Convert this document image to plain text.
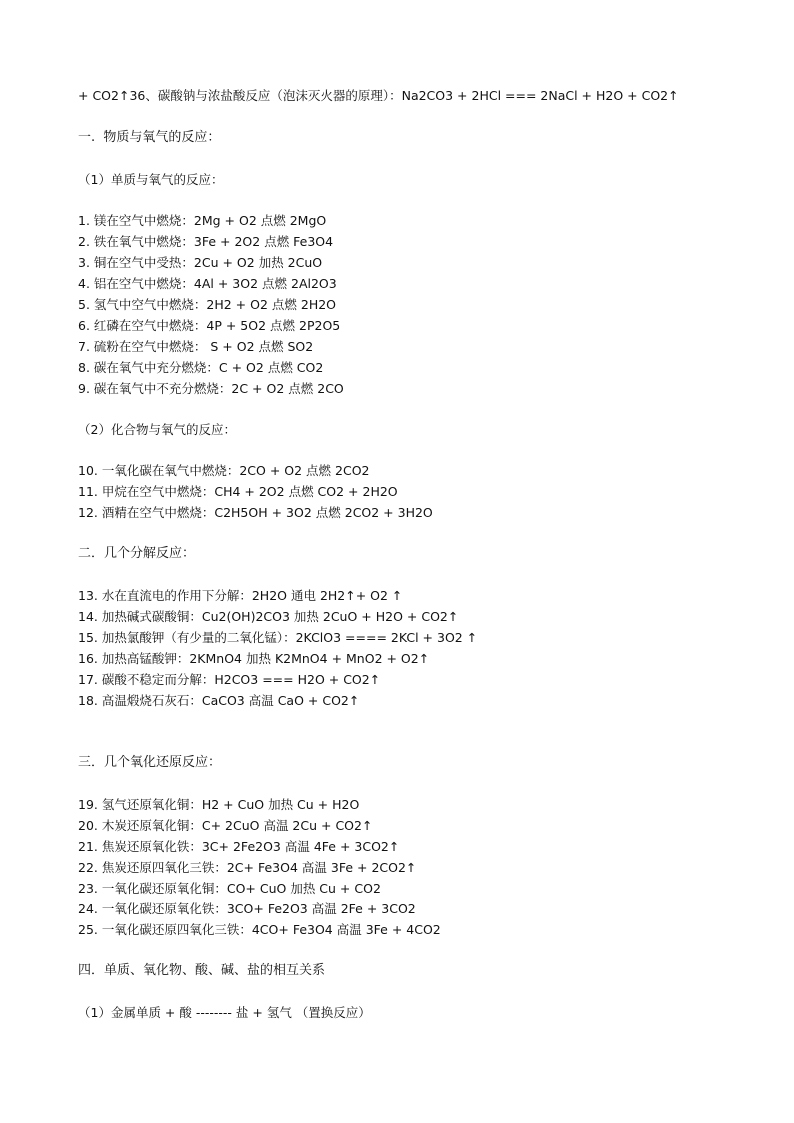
+ CO2↑36、碳酸钠与浓盐酸反应（泡沫灭火器的原理）：Na2CO3 + 2HCl === 2NaCl + H2O + CO2↑
一.  物质与氧气的反应：
（1）单质与氧气的反应：
1. 镁在空气中燃烧：2Mg + O2 点燃 2MgO
2. 铁在氧气中燃烧：3Fe + 2O2 点燃 Fe3O4
3. 铜在空气中受热：2Cu + O2 加热 2CuO
4. 铝在空气中燃烧：4Al + 3O2 点燃 2Al2O3
5. 氢气中空气中燃烧：2H2 + O2 点燃 2H2O
6. 红磷在空气中燃烧：4P + 5O2 点燃 2P2O5
7. 硫粉在空气中燃烧： S + O2 点燃 SO2
8. 碳在氧气中充分燃烧：C + O2 点燃 CO2
9. 碳在氧气中不充分燃烧：2C + O2 点燃 2CO
（2）化合物与氧气的反应：
10. 一氧化碳在氧气中燃烧：2CO + O2 点燃 2CO2
11. 甲烷在空气中燃烧：CH4 + 2O2 点燃 CO2 + 2H2O
12. 酒精在空气中燃烧：C2H5OH + 3O2 点燃 2CO2 + 3H2O
二．几个分解反应：
13. 水在直流电的作用下分解：2H2O 通电 2H2↑+ O2 ↑
14. 加热碱式碳酸铜：Cu2(OH)2CO3 加热 2CuO + H2O + CO2↑
15. 加热氯酸钾（有少量的二氧化锰）：2KClO3 ==== 2KCl + 3O2 ↑
16. 加热高锰酸钾：2KMnO4 加热 K2MnO4 + MnO2 + O2↑
17. 碳酸不稳定而分解：H2CO3 === H2O + CO2↑
18. 高温煅烧石灰石：CaCO3 高温 CaO + CO2↑
三．几个氧化还原反应：
19. 氢气还原氧化铜：H2 + CuO 加热 Cu + H2O
20. 木炭还原氧化铜：C+ 2CuO 高温 2Cu + CO2↑
21. 焦炭还原氧化铁：3C+ 2Fe2O3 高温 4Fe + 3CO2↑
22. 焦炭还原四氧化三铁：2C+ Fe3O4 高温 3Fe + 2CO2↑
23. 一氧化碳还原氧化铜：CO+ CuO 加热 Cu + CO2
24. 一氧化碳还原氧化铁：3CO+ Fe2O3 高温 2Fe + 3CO2
25. 一氧化碳还原四氧化三铁：4CO+ Fe3O4 高温 3Fe + 4CO2
四．单质、氧化物、酸、碱、盐的相互关系
（1）金属单质 + 酸 -------- 盐 + 氢气 （置换反应）
